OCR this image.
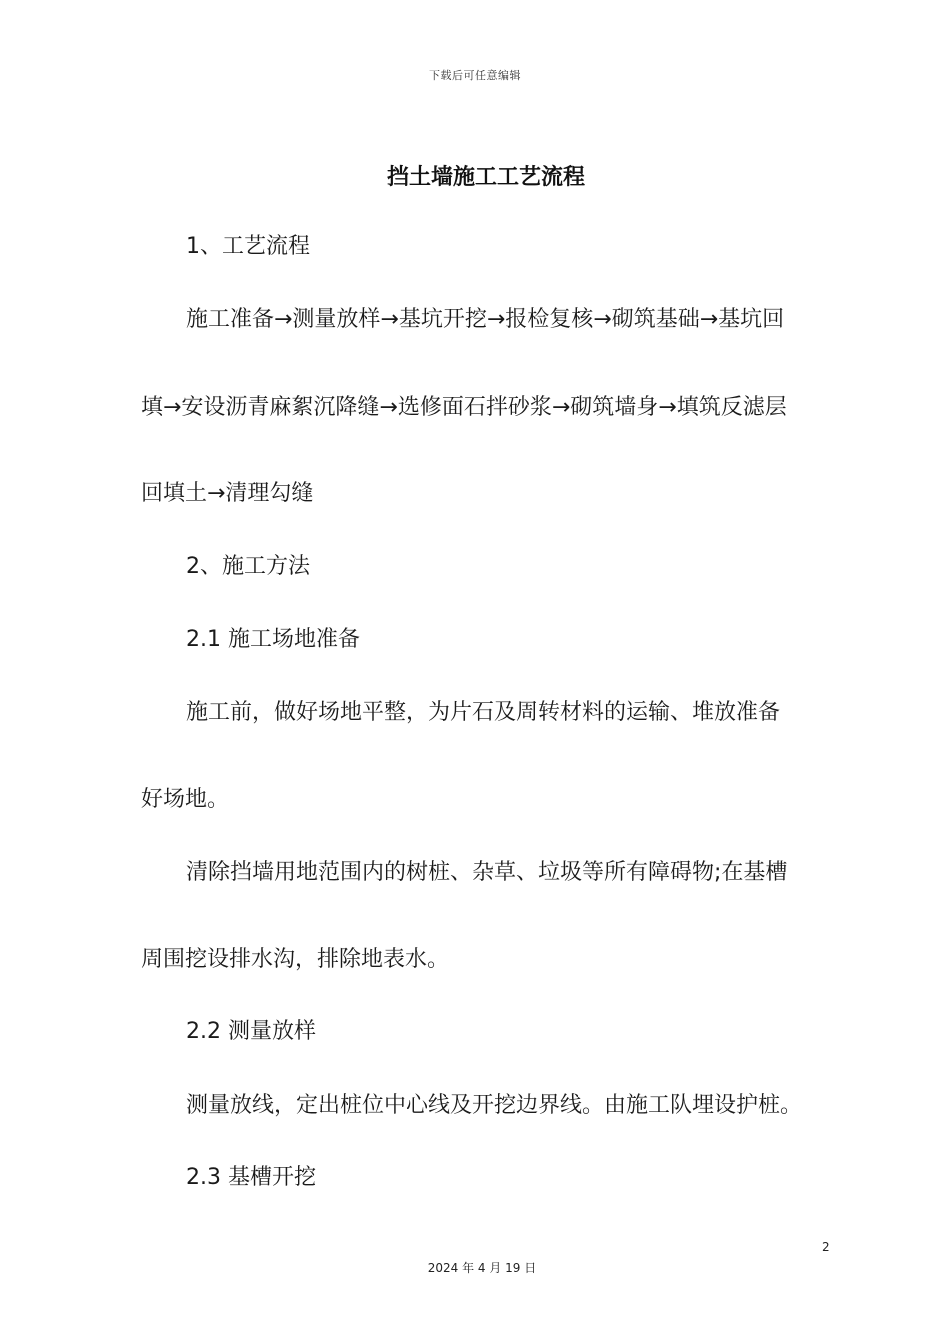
下载后可任意编辑
挡土墙施工工艺流程
1、工艺流程
施工准备→测量放样→基坑开挖→报检复核→砌筑基础→基坑回
填→安设沥青麻絮沉降缝→选修面石拌砂浆→砌筑墙身→填筑反滤层
回填土→清理勾缝
2、施工方法
2.1 施工场地准备
施工前，做好场地平整，为片石及周转材料的运输、堆放准备
好场地。
清除挡墙用地范围内的树桩、杂草、垃圾等所有障碍物;在基槽
周围挖设排水沟，排除地表水。
2.2 测量放样
测量放线，定出桩位中心线及开挖边界线。由施工队埋设护桩。
2.3 基槽开挖
2
2024 年 4 月 19 日
